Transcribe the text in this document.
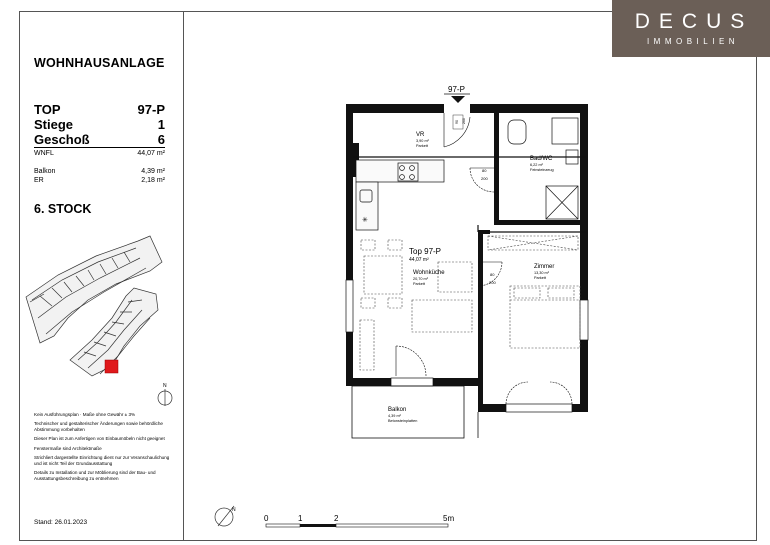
DECUS
IMMOBILIEN
WOHNHAUSANLAGE
TOP	97-P
Stiege	1
Geschoß	6
WNFL	44,07 m²
Balkon	4,39 m²
ER	2,18 m²
6. STOCK

Kein Ausführungsplan · Maße ohne Gewähr ± 3%

Technischer und gestalterischer Änderungen sowie behördliche Abstimmung vorbehalten

Dieser Plan ist zum Anfertigen von Einbaumöbeln nicht geeignet

Fenstermaße sind Architektmaße

Strichliert dargestellte Einrichtung dient nur zur Veranschaulichung und ist nicht Teil der Grundausstattung

Details zu Installation und zur Möblierung sind der Bau- und Ausstattungsbeschreibung zu entnehmen

Stand: 26.01.2023
N
97-P
90 200
✳
80
200
80
200
VR
3,90 m²
Parkett
Bad/WC
6,22 m²
Feinsteinzeug
Top 97-P
44,07 m²
Wohnküche
20,70 m²
Parkett
Zimmer
13,30 m²
Parkett
Balkon
4,39 m²
Betonsteinplatten
N
0	1	2	5m
